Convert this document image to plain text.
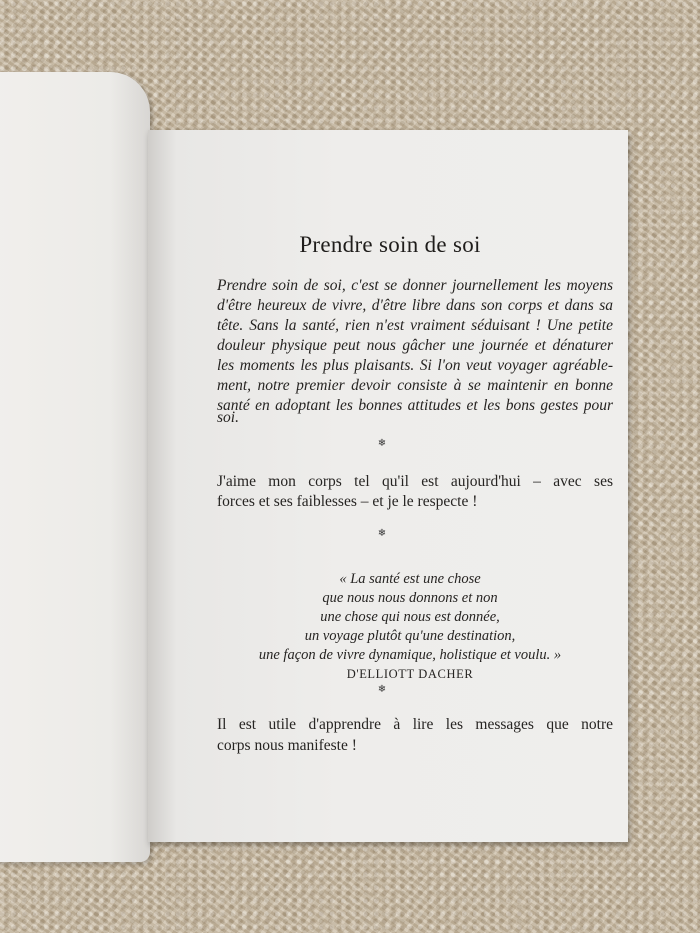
Prendre soin de soi
Prendre soin de soi, c'est se donner journellement les moyens
d'être heureux de vivre, d'être libre dans son corps et dans sa
tête. Sans la santé, rien n'est vraiment séduisant ! Une petite
douleur physique peut nous gâcher une journée et dénaturer
les moments les plus plaisants. Si l'on veut voyager agréable-
ment, notre premier devoir consiste à se maintenir en bonne
santé en adoptant les bonnes attitudes et les bons gestes pour
soi.
❄
J'aime mon corps tel qu'il est aujourd'hui – avec ses
forces et ses faiblesses – et je le respecte !
❄
« La santé est une chose
que nous nous donnons et non
une chose qui nous est donnée,
un voyage plutôt qu'une destination,
une façon de vivre dynamique, holistique et voulu. »
D'ELLIOTT DACHER
❄
Il est utile d'apprendre à lire les messages que notre
corps nous manifeste !
